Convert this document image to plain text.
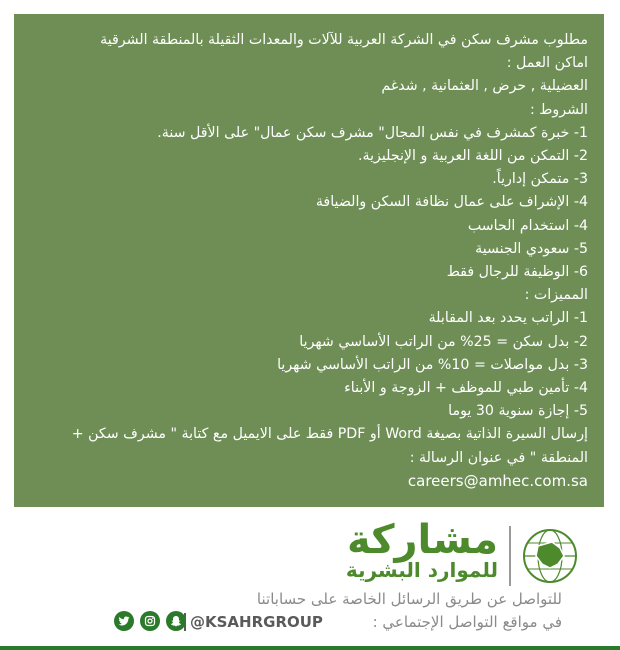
مطلوب مشرف سكن في الشركة العربية للآلات والمعدات الثقيلة بالمنطقة الشرقية
اماكن العمل :
العضيلية , حرض , العثمانية , شدغم
الشروط :
1- خبرة كمشرف في نفس المجال" مشرف سكن عمال" على الأقل سنة.
2- التمكن من اللغة العربية و الإنجليزية.
3- متمكن إدارياً.
4- الإشراف على عمال نظافة السكن والضيافة
4- استخدام الحاسب
5- سعودي الجنسية
6- الوظيفة للرجال فقط
المميزات :
1- الراتب يحدد بعد المقابلة
2- بدل سكن = 25% من الراتب الأساسي شهريا
3- بدل مواصلات = 10% من الراتب الأساسي شهريا
4- تأمين طبي للموظف + الزوجة و الأبناء
5- إجازة سنوية 30 يوما
إرسال السيرة الذاتية بصيغة Word أو PDF فقط على الايميل مع كتابة " مشرف سكن + المنطقة " في عنوان الرسالة :
careers@amhec.com.sa
مشاركة
للموارد البشرية
للتواصل عن طريق الرسائل الخاصة على حساباتنا
في مواقع التواصل الإجتماعي :
@KSAHRGROUP
